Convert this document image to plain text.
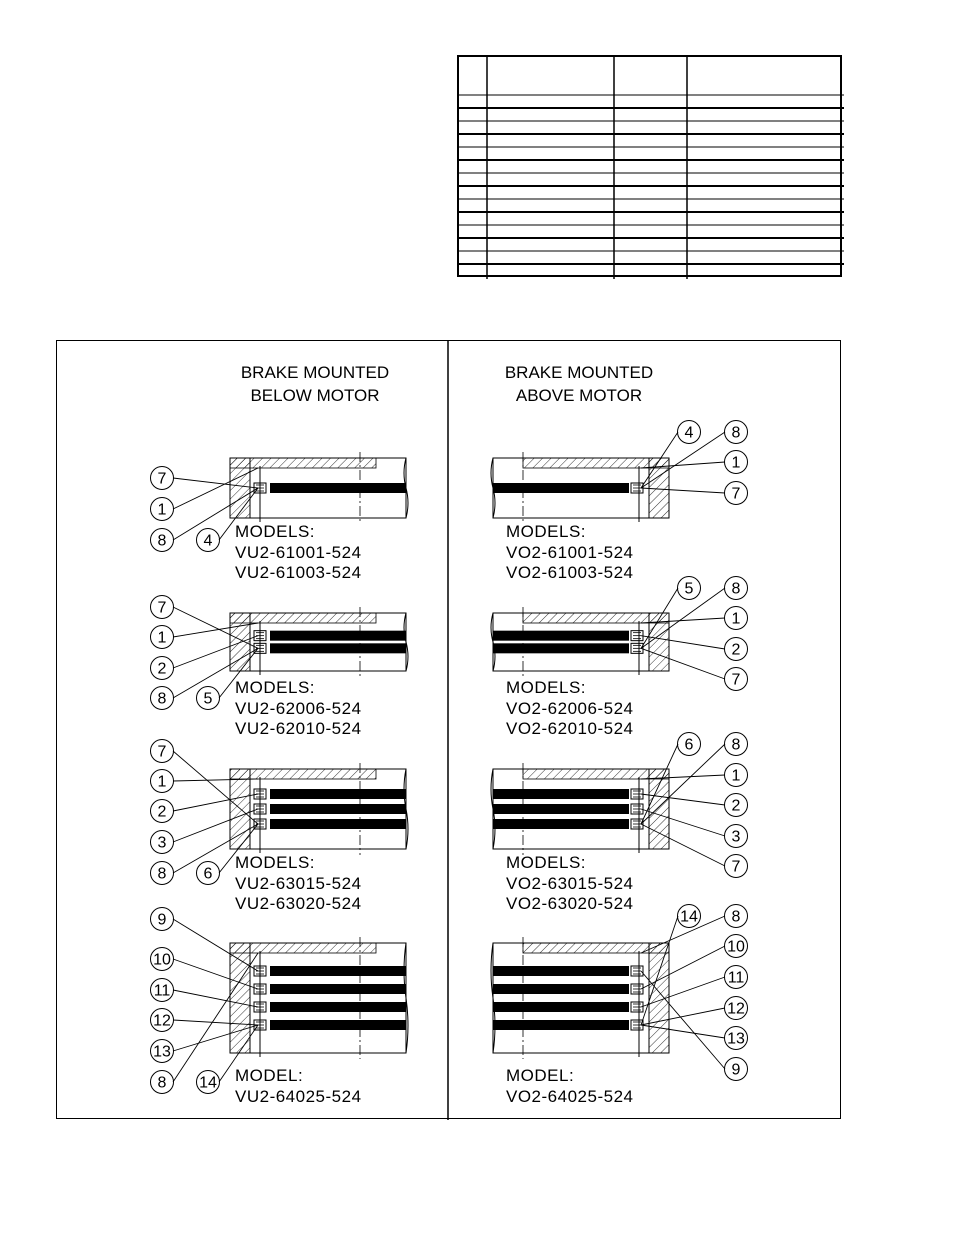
BRAKE MOUNTED
BELOW MOTOR
BRAKE MOUNTED
ABOVE MOTOR
1
4
7
8	MODELS:
VU2-61001-524
VU2-61003-524
1
2
5
7
8
MODELS:
VU2-62006-524
VU2-62010-524
1
2
3
6
7
8
MODELS:
VU2-63015-524
VU2-63020-524
8
9
10
11
12
13
14 MODEL:
VU2-64025-524
1
4
7
8
MODELS:
VO2-61001-524
VO2-61003-524
1
2
5
7
8
MODELS:
VO2-62006-524
VO2-62010-524
1
2
3
6
7
8
MODELS:
VO2-63015-524
VO2-63020-524
8
9
10
11
12
13
14
MODEL:
VO2-64025-524
